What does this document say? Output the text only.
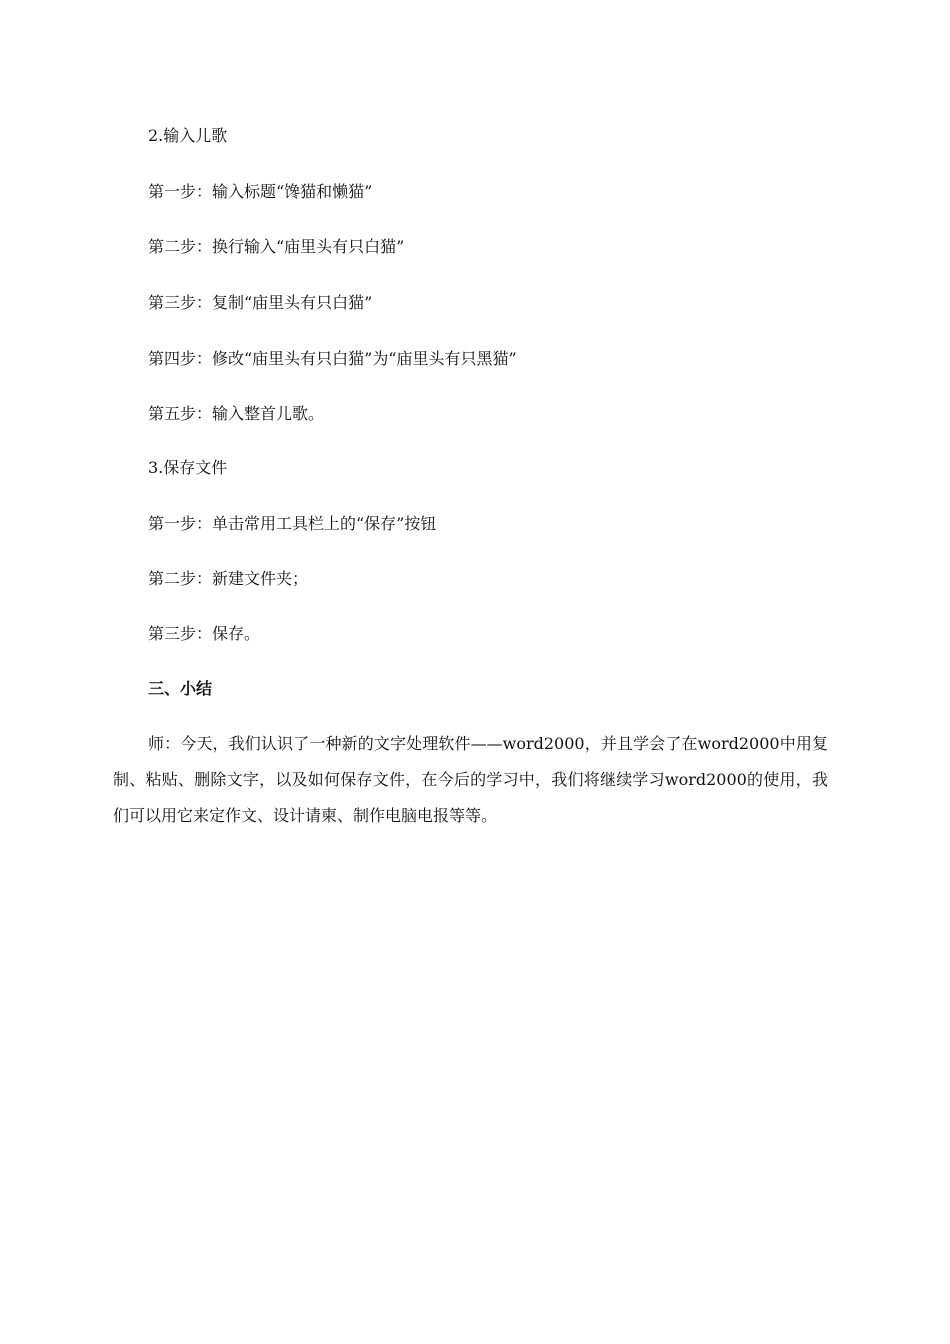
2.输入儿歌
第一步：输入标题“馋猫和懒猫”
第二步：换行输入“庙里头有只白猫”
第三步：复制“庙里头有只白猫”
第四步：修改“庙里头有只白猫”为“庙里头有只黑猫”
第五步：输入整首儿歌。
3.保存文件
第一步：单击常用工具栏上的“保存”按钮
第二步：新建文件夹；
第三步：保存。
三、小结
师：今天，我们认识了一种新的文字处理软件——word2000，并且学会了在word2000中用复制、粘贴、删除文字，以及如何保存文件，在今后的学习中，我们将继续学习word2000的使用，我们可以用它来定作文、设计请柬、制作电脑电报等等。
